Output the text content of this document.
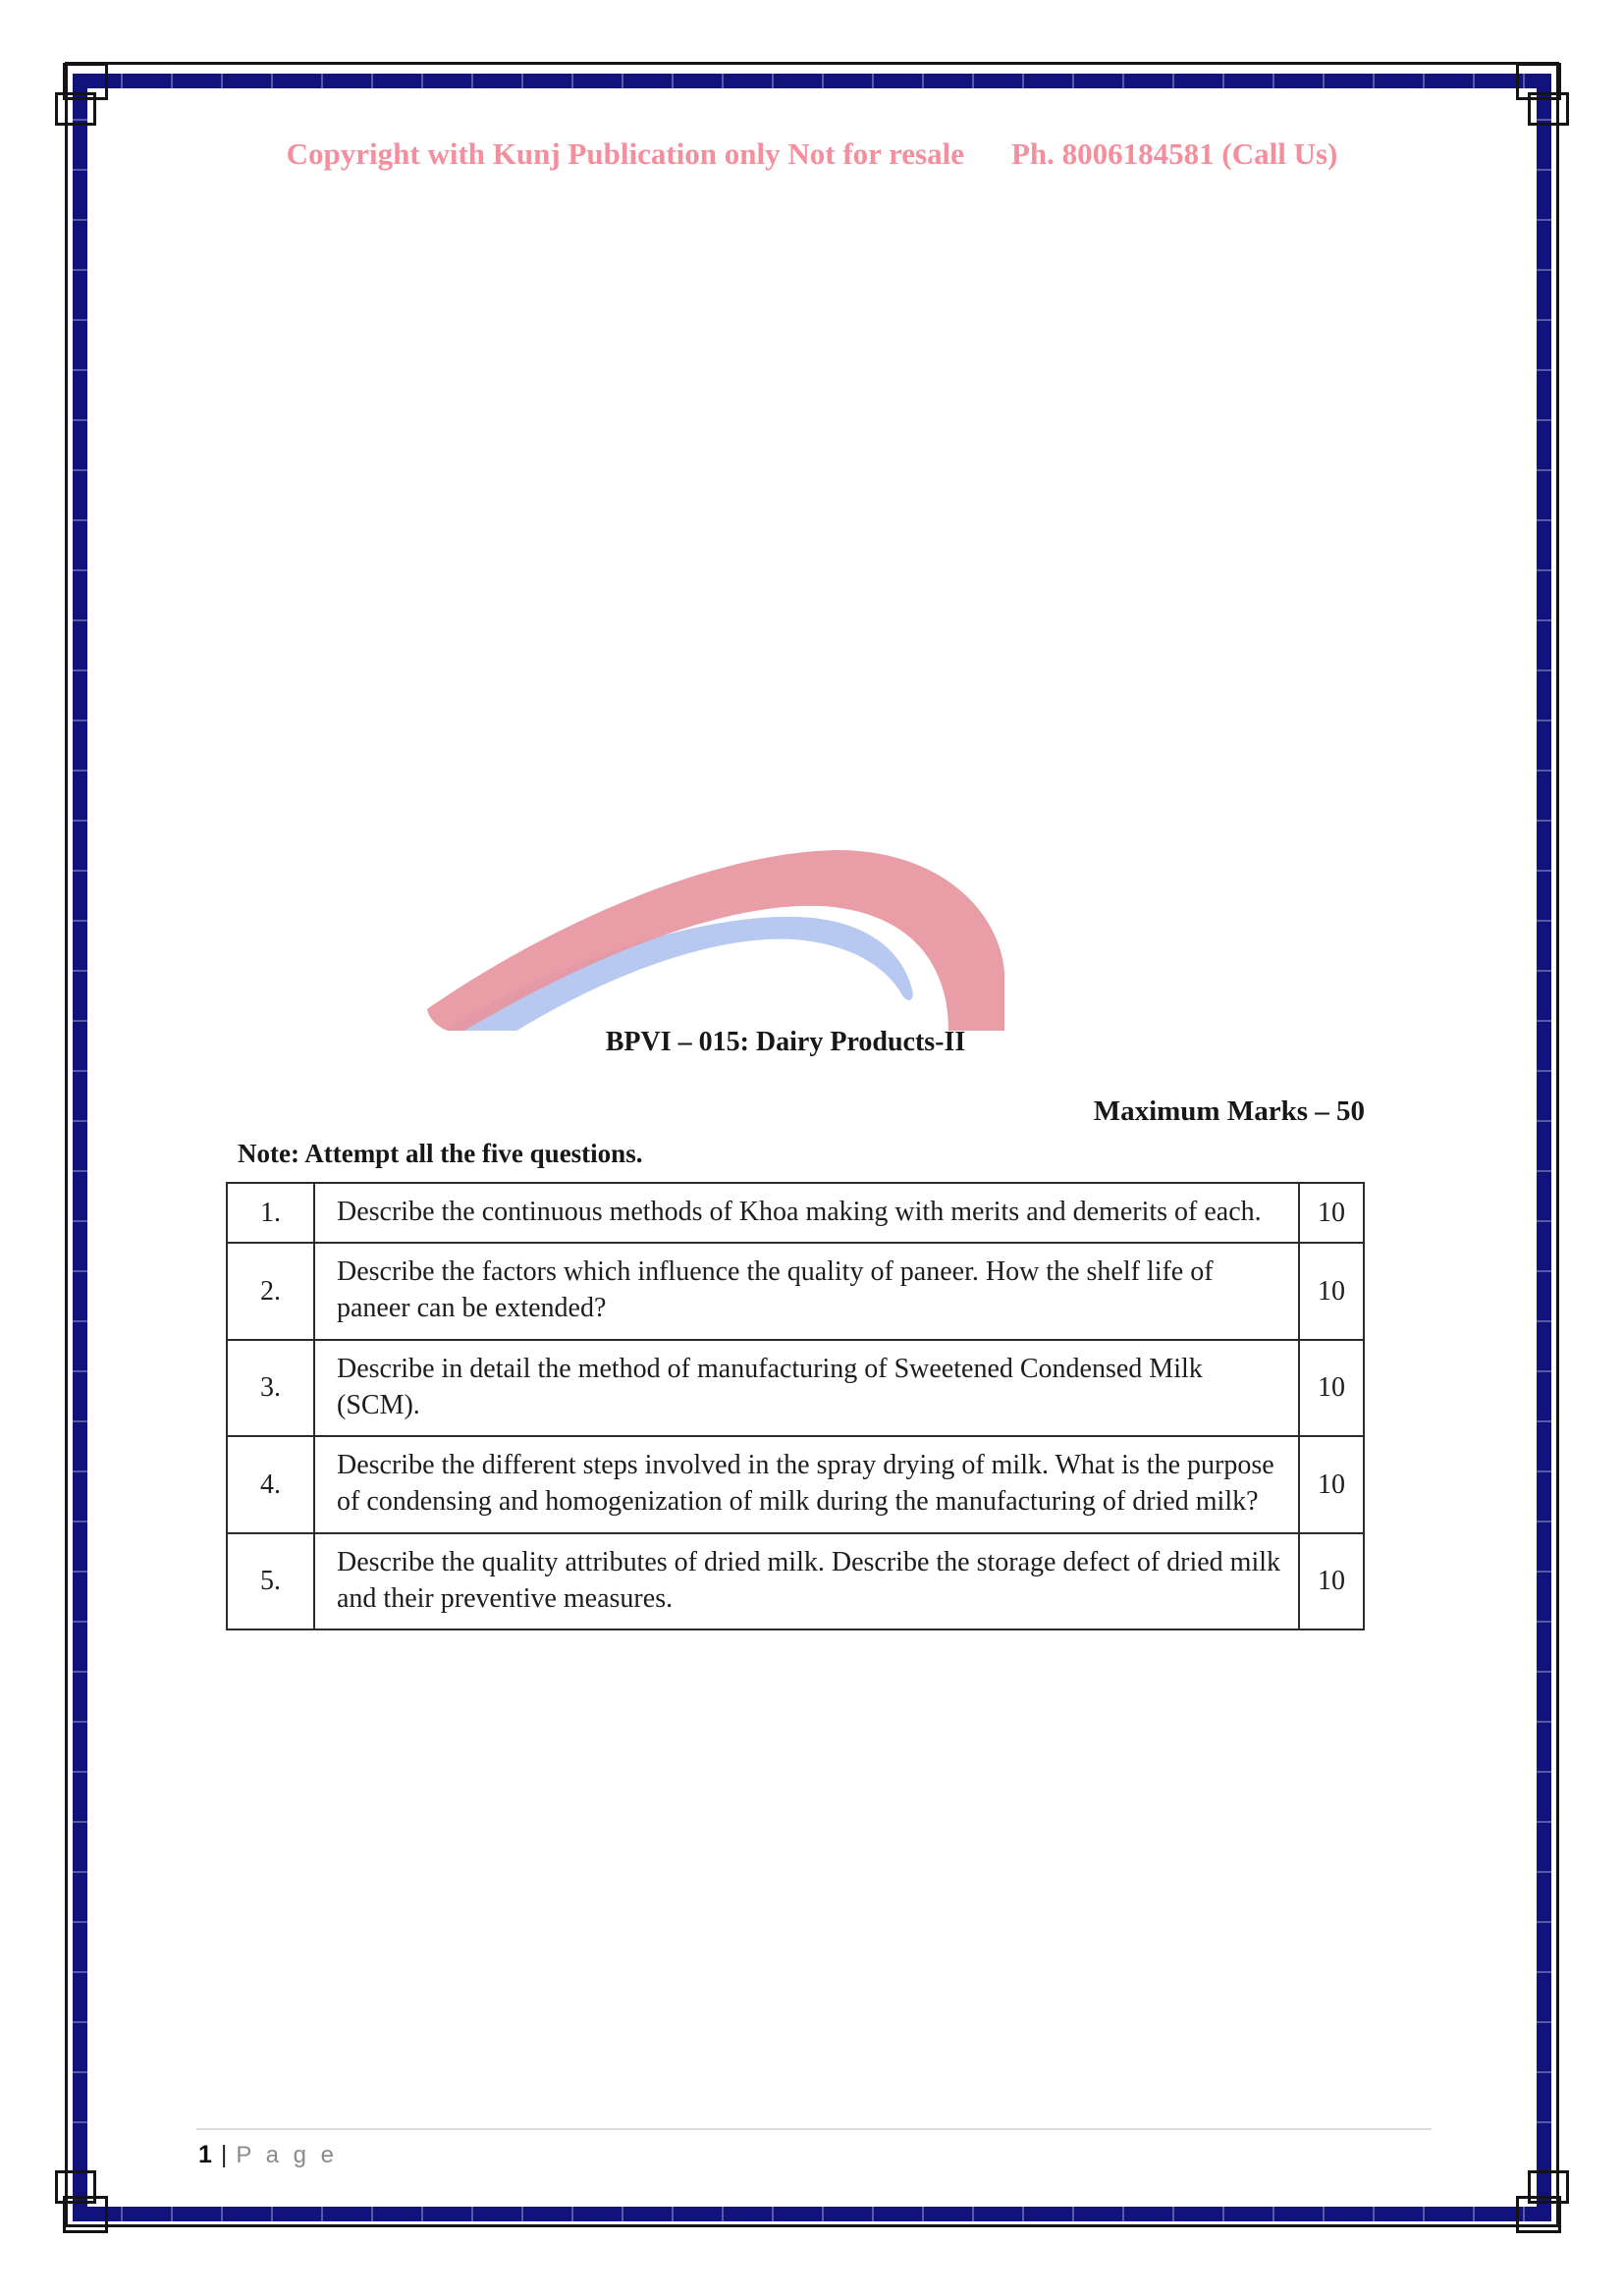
Copyright with Kunj Publication only Not for resale Ph. 8006184581 (Call Us)
BPVI – 015: Dairy Products-II
Maximum Marks – 50
Note: Attempt all the five questions.
1.	Describe the continuous methods of Khoa making with merits and demerits of each.	10
2.	Describe the factors which influence the quality of paneer. How the shelf life of paneer can be extended?	10
3.	Describe in detail the method of manufacturing of Sweetened Condensed Milk (SCM).	10
4.	Describe the different steps involved in the spray drying of milk. What is the purpose of condensing and homogenization of milk during the manufacturing of dried milk?	10
5.	Describe the quality attributes of dried milk. Describe the storage defect of dried milk and their preventive measures.	10
1 | P a g e
